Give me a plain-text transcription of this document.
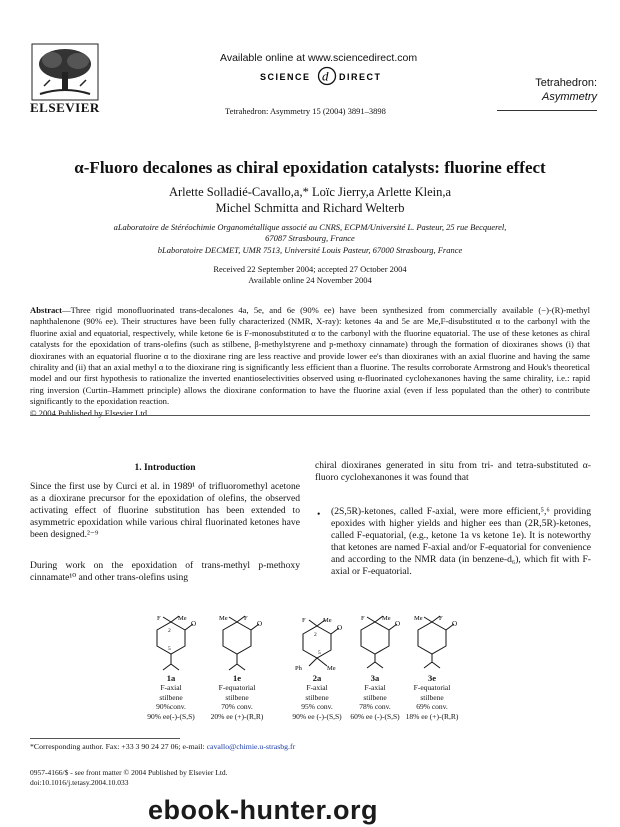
ELSEVIER
Available online at www.sciencedirect.com
SCIENCE d DIRECT	Tetrahedron:
Asymmetry
Tetrahedron: Asymmetry 15 (2004) 3891–3898
α-Fluoro decalones as chiral epoxidation catalysts: fluorine effect
Arlette Solladié-Cavallo,a,* Loïc Jierry,a Arlette Klein,a
Michel Schmitta and Richard Welterb
aLaboratoire de Stéréochimie Organométallique associé au CNRS, ECPM/Université L. Pasteur, 25 rue Becquerel,
67087 Strasbourg, France
bLaboratoire DECMET, UMR 7513, Université Louis Pasteur, 67000 Strasbourg, France
Received 22 September 2004; accepted 27 October 2004
Available online 24 November 2004
Abstract—Three rigid monofluorinated trans-decalones 4a, 5e, and 6e (90% ee) have been synthesized from commercially available (−)-(R)-methyl naphthalenone (90% ee). Their structures have been fully characterized (NMR, X-ray): ketones 4a and 5e are Me,F-disubstituted α to the carbonyl with the fluorine axial and equatorial, respectively, while ketone 6e is F-monosubstituted α to the carbonyl with the fluorine equatorial. The use of these ketones as chiral catalysts for the epoxidation of trans-olefins (such as stilbene, β-methylstyrene and p-methoxy cinnamate) through the formation of dioxiranes shows (i) that dioxiranes with an equatorial fluorine α to the dioxirane ring are less reactive and provide lower ee's than dioxiranes with an axial fluorine and having the same chirality and (ii) that an axial methyl α to the dioxirane ring is significantly less efficient than a fluorine. The results corroborate Armstrong and Houk's theoretical model and our first hypothesis to rationalize the inverted enantioselectivities observed using α-fluorinated cyclohexanones having the same chirality, i.e.: rapid ring inversion (Curtin–Hammett principle) allows the dioxirane conformation to have the fluorine axial (even if less populated than the other) to contribute significantly to the epoxidation reaction.
© 2004 Published by Elsevier Ltd.
1. Introduction
Since the first use by Curci et al. in 1989¹ of trifluoromethyl acetone as a dioxirane precursor for the epoxidation of olefins, the observed activating effect of fluorine substitution has been extended to asymmetric epoxidation while various chiral fluorinated ketones have been designed.²⁻⁹
During work on the epoxidation of trans-methyl p-methoxy cinnamate¹⁰ and other trans-olefins using
chiral dioxiranes generated in situ from tri- and tetra-substituted α-fluoro cyclohexanones it was found that
• (2S,5R)-ketones, called F-axial, were more efficient,⁵,⁶ providing epoxides with higher yields and higher ees than (2R,5R)-ketones, called F-equatorial, (e.g., ketone 1a vs ketone 1e). It is noteworthy that ketones are named F-axial and/or F-equatorial for convenience and according to the NMR data (in benzene-d₆), which fit with F-axial or F-equatorial.
O
Me
F
2
5
1a
F-axial
stilbene
90%conv.
90% ee(-)-(S,S)
O
F
Me
1e
F-equatorial
stilbene
70% conv.
20% ee (+)-(R,R)
O
Me
F
2
5
Ph	Me
2a
F-axial
stilbene
95% conv.
90% ee (-)-(S,S)
O
Me
F
3a
F-axial
stilbene
78% conv.
60% ee (-)-(S,S)
O
F
Me
3e
F-equatorial
stilbene
69% conv.
18% ee (+)-(R,R)
*Corresponding author. Fax: +33 3 90 24 27 06; e-mail: cavallo@chimie.u-strasbg.fr
0957-4166/$ - see front matter © 2004 Published by Elsevier Ltd.
doi:10.1016/j.tetasy.2004.10.033
ebook-hunter.org
